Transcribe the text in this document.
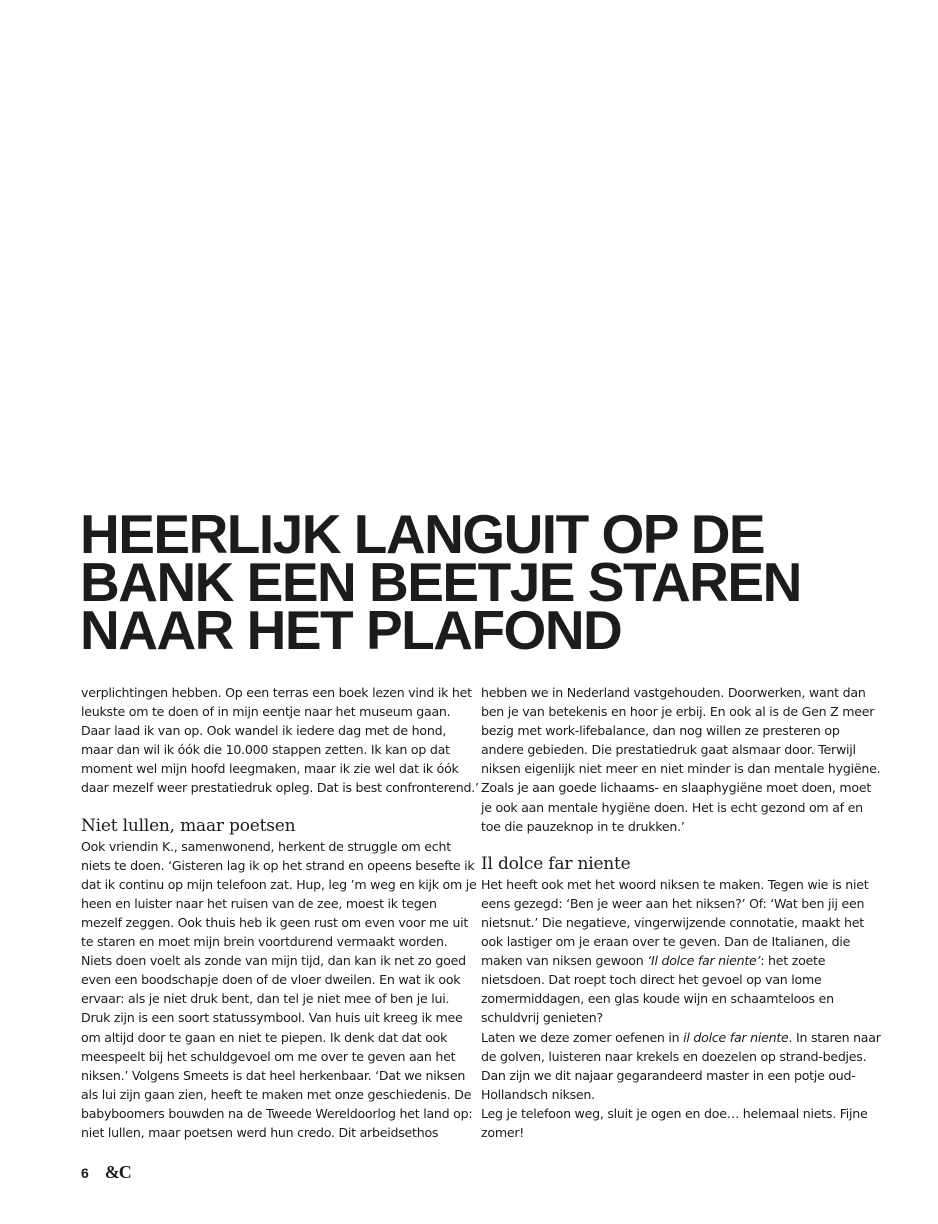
HEERLIJK LANGUIT OP DE
BANK EEN BEETJE STAREN
NAAR HET PLAFOND

verplichtingen hebben. Op een terras een boek lezen vind ik het leukste om te doen of in mijn eentje naar het museum gaan. Daar laad ik van op. Ook wandel ik iedere dag met de hond, maar dan wil ik óók die 10.000 stappen zetten. Ik kan op dat moment wel mijn hoofd leegmaken, maar ik zie wel dat ik óók daar mezelf weer prestatiedruk opleg. Dat is best confronterend.’

Niet lullen, maar poetsen

Ook vriendin K., samenwonend, herkent de struggle om echt niets te doen. ‘Gisteren lag ik op het strand en opeens besefte ik dat ik continu op mijn telefoon zat. Hup, leg ’m weg en kijk om je heen en luister naar het ruisen van de zee, moest ik tegen mezelf zeggen. Ook thuis heb ik geen rust om even voor me uit te staren en moet mijn brein voortdurend vermaakt worden. Niets doen voelt als zonde van mijn tijd, dan kan ik net zo goed even een boodschapje doen of de vloer dweilen. En wat ik ook ervaar: als je niet druk bent, dan tel je niet mee of ben je lui. Druk zijn is een soort statussymbool. Van huis uit kreeg ik mee om altijd door te gaan en niet te piepen. Ik denk dat dat ook meespeelt bij het schuldgevoel om me over te geven aan het niksen.’ Volgens Smeets is dat heel herkenbaar. ‘Dat we niksen als lui zijn gaan zien, heeft te maken met onze geschiedenis. De babyboomers bouwden na de Tweede Wereldoorlog het land op: niet lullen, maar poetsen werd hun credo. Dit arbeidsethos

hebben we in Nederland vastgehouden. Doorwerken, want dan ben je van betekenis en hoor je erbij. En ook al is de Gen Z meer bezig met work-lifebalance, dan nog willen ze presteren op andere gebieden. Die prestatiedruk gaat alsmaar door. Terwijl niksen eigenlijk niet meer en niet minder is dan mentale hygiëne. Zoals je aan goede lichaams- en slaaphygiëne moet doen, moet je ook aan mentale hygiëne doen. Het is echt gezond om af en toe die pauzeknop in te drukken.’

Il dolce far niente

Het heeft ook met het woord niksen te maken. Tegen wie is niet eens gezegd: ‘Ben je weer aan het niksen?’ Of: ‘Wat ben jij een nietsnut.’ Die negatieve, vingerwijzende connotatie, maakt het ook lastiger om je eraan over te geven. Dan de Italianen, die maken van niksen gewoon ‘Il dolce far niente’: het zoete nietsdoen. Dat roept toch direct het gevoel op van lome zomermiddagen, een glas koude wijn en schaamteloos en schuldvrij genieten?

Laten we deze zomer oefenen in il dolce far niente. In staren naar de golven, luisteren naar krekels en doezelen op strand-bedjes. Dan zijn we dit najaar gegarandeerd master in een potje oud-Hollandsch niksen.

Leg je telefoon weg, sluit je ogen en doe… helemaal niets. Fijne zomer!

6 &C
